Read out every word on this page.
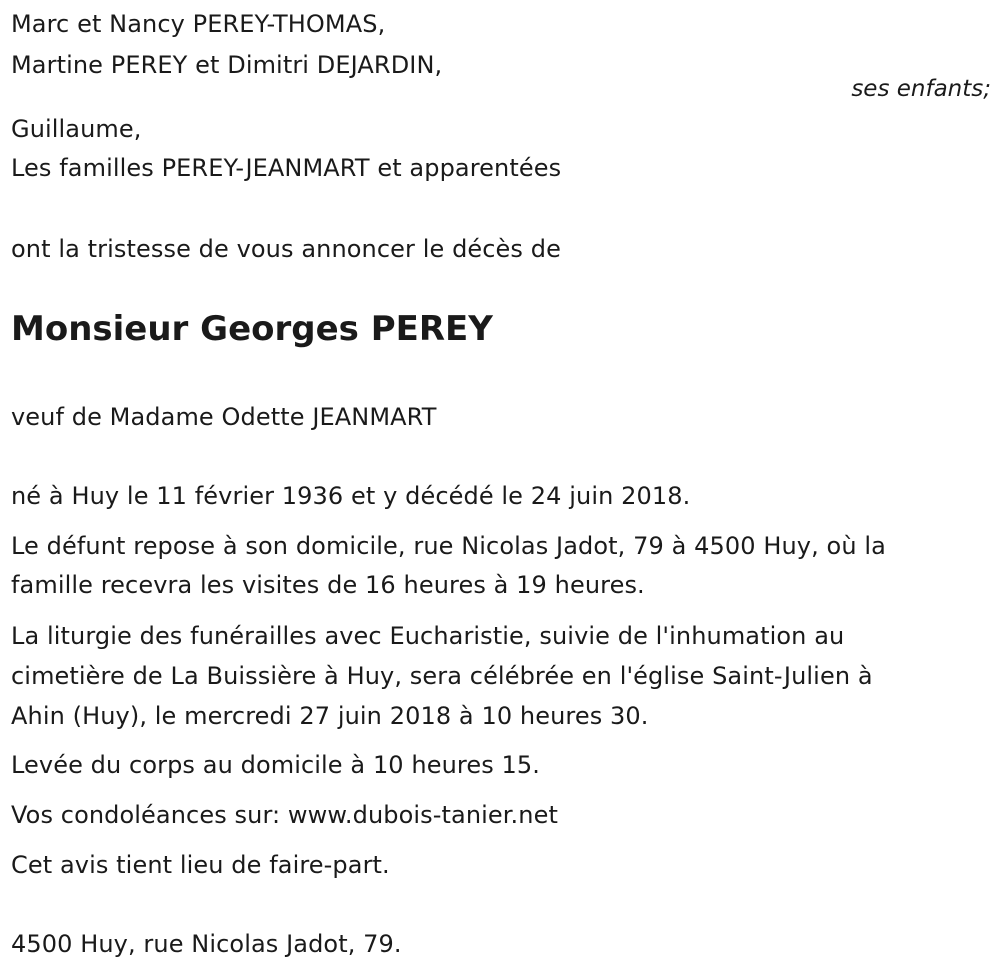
Marc et Nancy PEREY-THOMAS,
Martine PEREY et Dimitri DEJARDIN,
ses enfants;
Guillaume,
Les familles PEREY-JEANMART et apparentées
ont la tristesse de vous annoncer le décès de
Monsieur Georges PEREY
veuf de Madame Odette JEANMART
né à Huy le 11 février 1936 et y décédé le 24 juin 2018.
Le défunt repose à son domicile, rue Nicolas Jadot, 79 à 4500 Huy, où la
famille recevra les visites de 16 heures à 19 heures.
La liturgie des funérailles avec Eucharistie, suivie de l'inhumation au
cimetière de La Buissière à Huy, sera célébrée en l'église Saint-Julien à
Ahin (Huy), le mercredi 27 juin 2018 à 10 heures 30.
Levée du corps au domicile à 10 heures 15.
Vos condoléances sur: www.dubois-tanier.net
Cet avis tient lieu de faire-part.
4500 Huy, rue Nicolas Jadot, 79.
